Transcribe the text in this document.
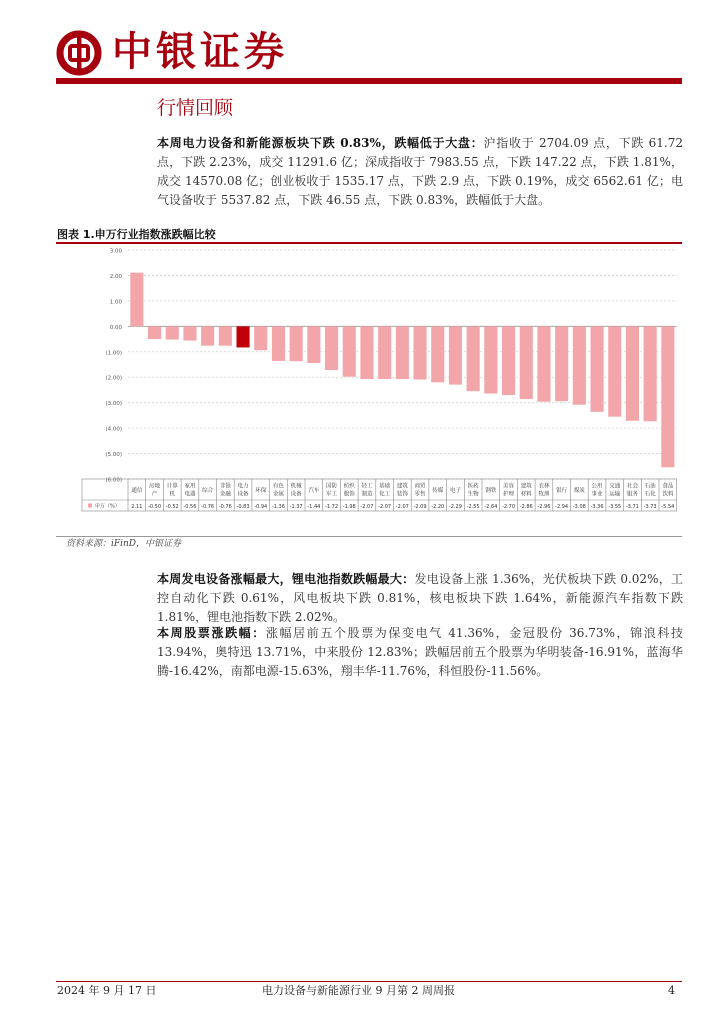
中银证券
行情回顾
本周电力设备和新能源板块下跌 0.83%，跌幅低于大盘：沪指收于 2704.09 点，下跌 61.72 点，下跌 2.23%，成交 11291.6 亿；深成指收于 7983.55 点，下跌 147.22 点，下跌 1.81%，成交 14570.08 亿；创业板收于 1535.17 点，下跌 2.9 点，下跌 0.19%，成交 6562.61 亿；电气设备收于 5537.82 点，下跌 46.55 点，下跌 0.83%，跌幅低于大盘。
图表 1.申万行业指数涨跌幅比较
3.00
2.00
1.00
0.00
(1.00)
(2.00)
(3.00)
(4.00)
(5.00)
(6.00)
申万（%）
通信
2.11
房地
产
-0.50
计算
机
-0.52
家用
电器
-0.56
综合
-0.76
非银
金融
-0.76
电力
设备
-0.83
环保
-0.94
有色
金属
-1.36
机械
设备
-1.37
汽车
-1.44
国防
军工
-1.72
纺织
服饰
-1.98
轻工
制造
-2.07
基础
化工
-2.07
建筑
装饰
-2.07
商贸
零售
-2.09
传媒
-2.20
电子
-2.29
医药
生物
-2.55
钢铁
-2.64
美容
护理
-2.70
建筑
材料
-2.86
农林
牧渔
-2.96
银行
-2.94
煤炭
-3.08
公用
事业
-3.36
交通
运输
-3.55
社会
服务
-3.71
石油
石化
-3.73
食品
饮料
-5.54
资料来源：iFinD，中银证券
本周发电设备涨幅最大，锂电池指数跌幅最大：发电设备上涨 1.36%，光伏板块下跌 0.02%，工控自动化下跌 0.61%，风电板块下跌 0.81%，核电板块下跌 1.64%，新能源汽车指数下跌 1.81%，锂电池指数下跌 2.02%。
本周股票涨跌幅：涨幅居前五个股票为保变电气 41.36%，金冠股份 36.73%，锦浪科技 13.94%，奥特迅 13.71%，中来股份 12.83%；跌幅居前五个股票为华明装备-16.91%，蓝海华腾-16.42%，南都电源-15.63%，翔丰华-11.76%，科恒股份-11.56%。
2024 年 9 月 17 日	电力设备与新能源行业 9 月第 2 周周报	4
